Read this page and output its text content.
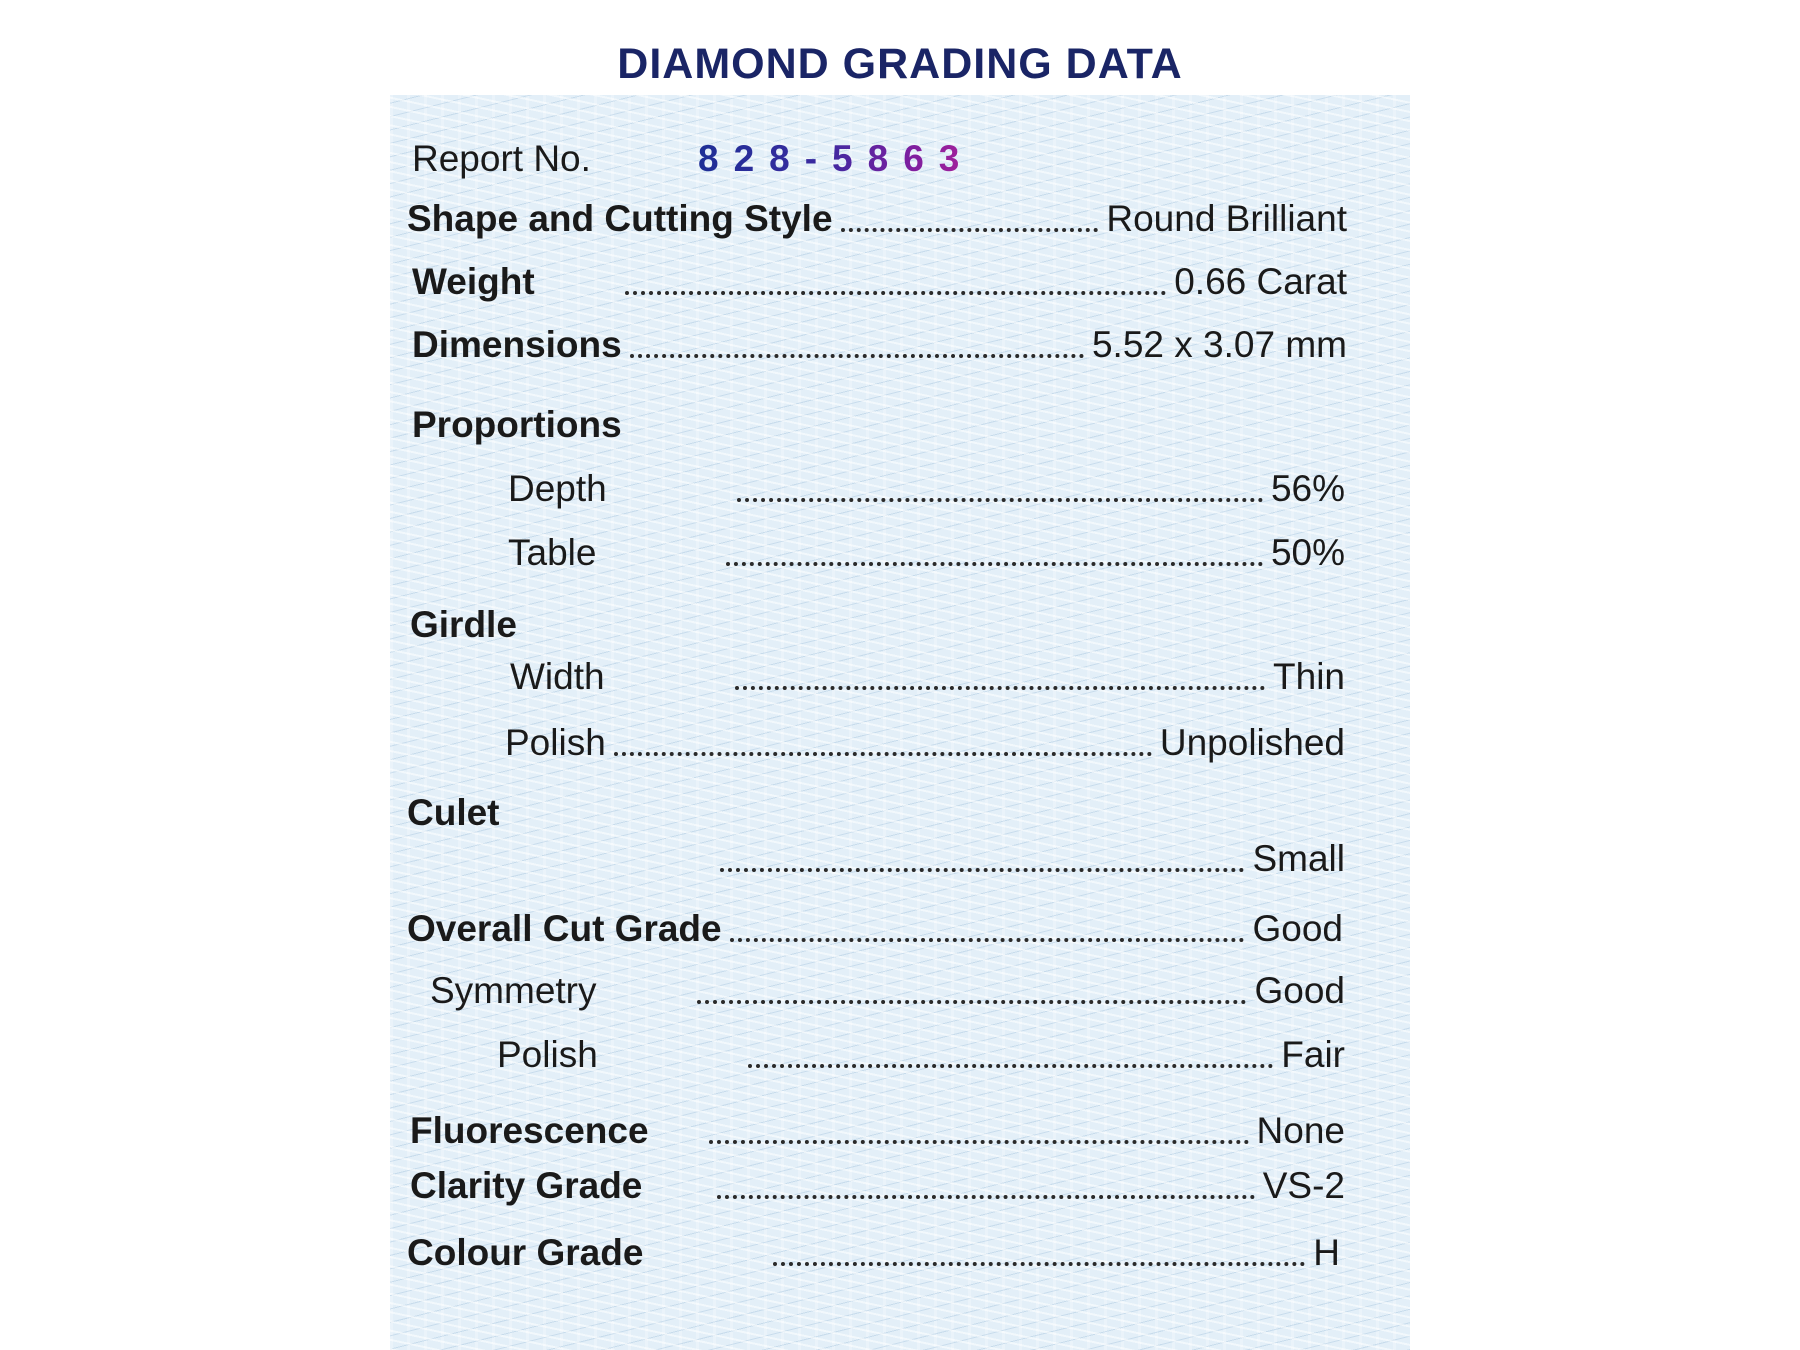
DIAMOND GRADING DATA
Report No.	828-5863
Shape and Cutting Style	Round Brilliant
Weight	0.66 Carat
Dimensions	5.52 x 3.07 mm
Proportions
Depth	56%
Table	50%
Girdle
Width	Thin
Polish	Unpolished
Culet
Small
Overall Cut Grade	Good
Symmetry	Good
Polish	Fair
Fluorescence	None
Clarity Grade	VS-2
Colour Grade	H
